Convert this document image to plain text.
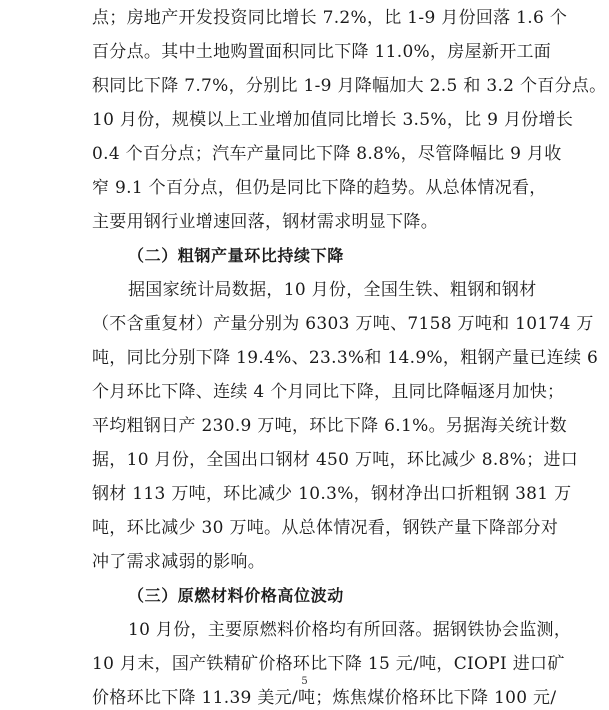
点；房地产开发投资同比增长 7.2%，比 1-9 月份回落 1.6 个
百分点。其中土地购置面积同比下降 11.0%，房屋新开工面
积同比下降 7.7%，分别比 1-9 月降幅加大 2.5 和 3.2 个百分点。
10 月份，规模以上工业增加值同比增长 3.5%，比 9 月份增长
0.4 个百分点；汽车产量同比下降 8.8%，尽管降幅比 9 月收
窄 9.1 个百分点，但仍是同比下降的趋势。从总体情况看，
主要用钢行业增速回落，钢材需求明显下降。
（二）粗钢产量环比持续下降
据国家统计局数据，10 月份，全国生铁、粗钢和钢材
（不含重复材）产量分别为 6303 万吨、7158 万吨和 10174 万
吨，同比分别下降 19.4%、23.3%和 14.9%，粗钢产量已连续 6
个月环比下降、连续 4 个月同比下降，且同比降幅逐月加快；
平均粗钢日产 230.9 万吨，环比下降 6.1%。另据海关统计数
据，10 月份，全国出口钢材 450 万吨，环比减少 8.8%；进口
钢材 113 万吨，环比减少 10.3%，钢材净出口折粗钢 381 万
吨，环比减少 30 万吨。从总体情况看，钢铁产量下降部分对
冲了需求减弱的影响。
（三）原燃材料价格高位波动
10 月份，主要原燃料价格均有所回落。据钢铁协会监测，
10 月末，国产铁精矿价格环比下降 15 元/吨，CIOPI 进口矿
价格环比下降 11.39 美元/吨；炼焦煤价格环比下降 100 元/
5
